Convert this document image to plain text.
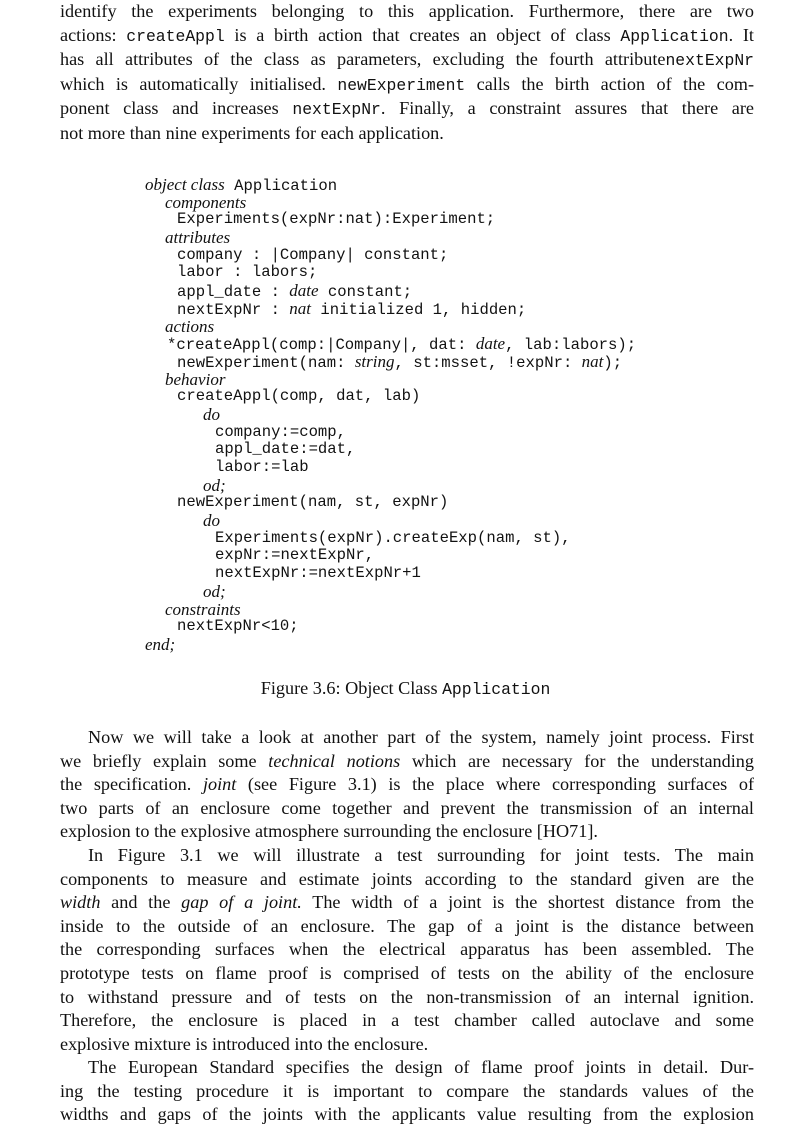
identify the experiments belonging to this application. Furthermore, there are two
actions: createAppl is a birth action that creates an object of class Application. It
has all attributes of the class as parameters, excluding the fourth attributenextExpNr
which is automatically initialised. newExperiment calls the birth action of the com-
ponent class and increases nextExpNr. Finally, a constraint assures that there are
not more than nine experiments for each application.
object class Application
components
Experiments(expNr:nat):Experiment;
attributes
company : |Company| constant;
labor : labors;
appl_date : date constant;
nextExpNr : nat initialized 1, hidden;
actions
*createAppl(comp:|Company|, dat: date, lab:labors);
newExperiment(nam: string, st:msset, !expNr: nat);
behavior
createAppl(comp, dat, lab)
do
company:=comp,
appl_date:=dat,
labor:=lab
od;
newExperiment(nam, st, expNr)
do
Experiments(expNr).createExp(nam, st),
expNr:=nextExpNr,
nextExpNr:=nextExpNr+1
od;
constraints
nextExpNr<10;
end;
Figure 3.6: Object Class Application
Now we will take a look at another part of the system, namely joint process. First
we briefly explain some technical notions which are necessary for the understanding
the specification. joint (see Figure 3.1) is the place where corresponding surfaces of
two parts of an enclosure come together and prevent the transmission of an internal
explosion to the explosive atmosphere surrounding the enclosure [HO71].
In Figure 3.1 we will illustrate a test surrounding for joint tests. The main
components to measure and estimate joints according to the standard given are the
width and the gap of a joint. The width of a joint is the shortest distance from the
inside to the outside of an enclosure. The gap of a joint is the distance between
the corresponding surfaces when the electrical apparatus has been assembled. The
prototype tests on flame proof is comprised of tests on the ability of the enclosure
to withstand pressure and of tests on the non-transmission of an internal ignition.
Therefore, the enclosure is placed in a test chamber called autoclave and some
explosive mixture is introduced into the enclosure.
The European Standard specifies the design of flame proof joints in detail. Dur-
ing the testing procedure it is important to compare the standards values of the
widths and gaps of the joints with the applicants value resulting from the explosion
